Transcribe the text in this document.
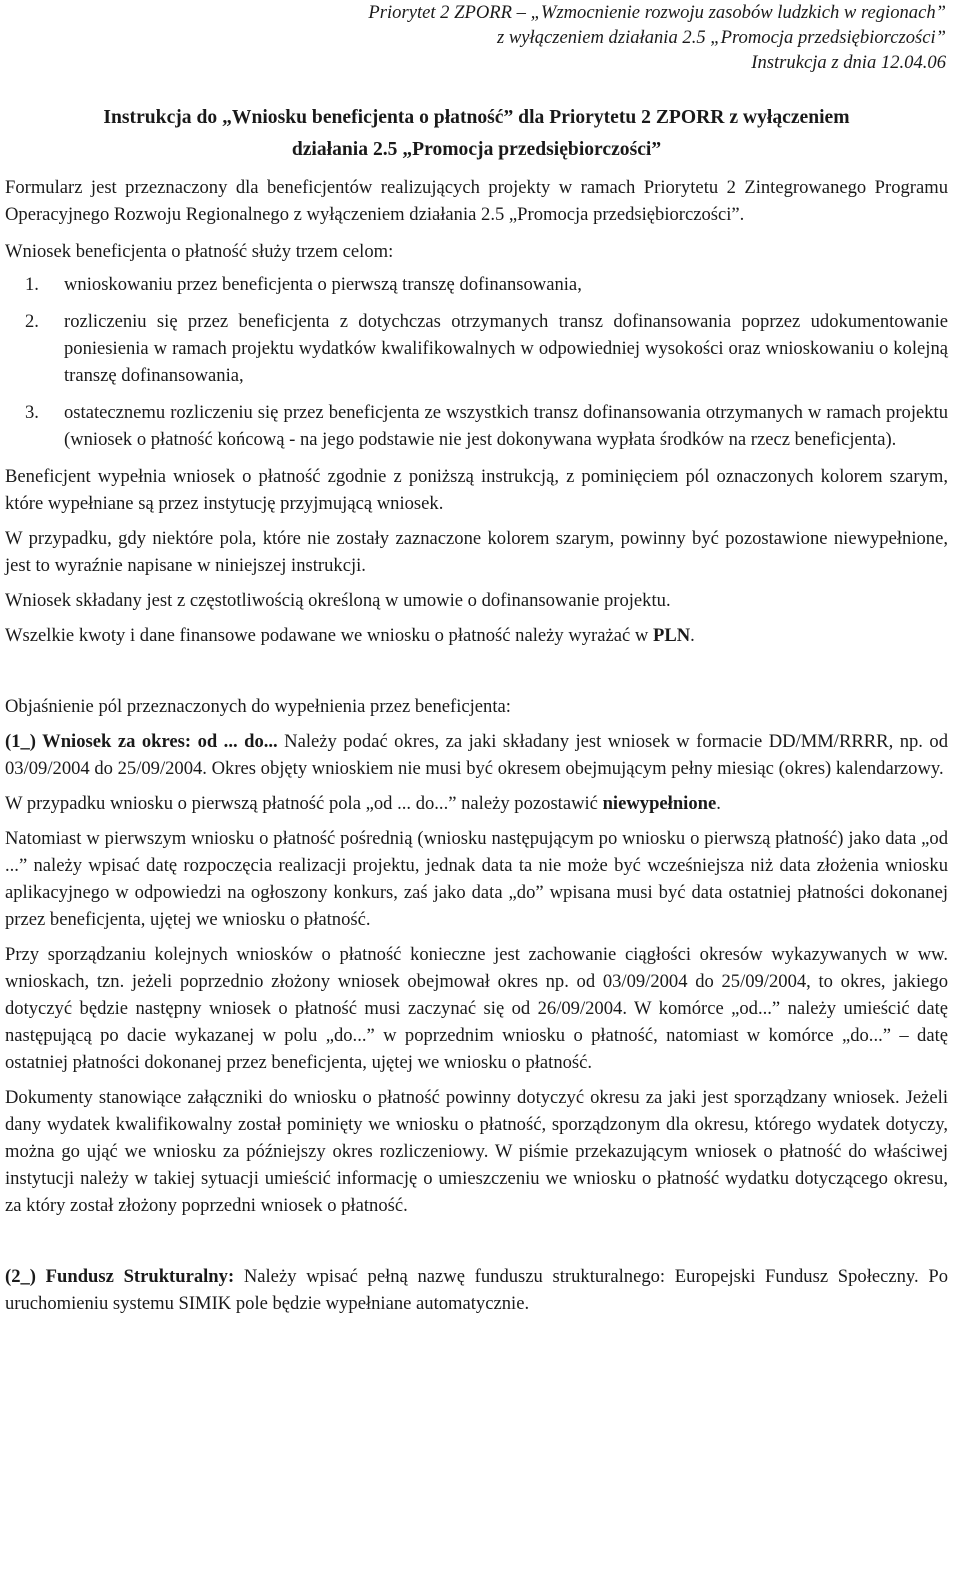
Priorytet 2 ZPORR – „Wzmocnienie rozwoju zasobów ludzkich w regionach”
z wyłączeniem działania 2.5 „Promocja przedsiębiorczości”
Instrukcja z dnia 12.04.06
Instrukcja do „Wniosku beneficjenta o płatność” dla Priorytetu 2 ZPORR z wyłączeniem
działania 2.5 „Promocja przedsiębiorczości”

Formularz jest przeznaczony dla beneficjentów realizujących projekty w ramach Priorytetu 2 Zintegrowanego Programu Operacyjnego Rozwoju Regionalnego z wyłączeniem działania 2.5 „Promocja przedsiębiorczości”.

Wniosek beneficjenta o płatność służy trzem celom:

1.	wnioskowaniu przez beneficjenta o pierwszą transzę dofinansowania,
2.	rozliczeniu się przez beneficjenta z dotychczas otrzymanych transz dofinansowania poprzez udokumentowanie poniesienia w ramach projektu wydatków kwalifikowalnych w odpowiedniej wysokości oraz wnioskowaniu o kolejną transzę dofinansowania,
3.	ostatecznemu rozliczeniu się przez beneficjenta ze wszystkich transz dofinansowania otrzymanych w ramach projektu (wniosek o płatność końcową - na jego podstawie nie jest dokonywana wypłata środków na rzecz beneficjenta).

Beneficjent wypełnia wniosek o płatność zgodnie z poniższą instrukcją, z pominięciem pól oznaczonych kolorem szarym, które wypełniane są przez instytucję przyjmującą wniosek.

W przypadku, gdy niektóre pola, które nie zostały zaznaczone kolorem szarym, powinny być pozostawione niewypełnione, jest to wyraźnie napisane w niniejszej instrukcji.

Wniosek składany jest z częstotliwością określoną w umowie o dofinansowanie projektu.

Wszelkie kwoty i dane finansowe podawane we wniosku o płatność należy wyrażać w PLN.

Objaśnienie pól przeznaczonych do wypełnienia przez beneficjenta:

(1_) Wniosek za okres: od ... do... Należy podać okres, za jaki składany jest wniosek w formacie DD/MM/RRRR, np. od 03/09/2004 do 25/09/2004. Okres objęty wnioskiem nie musi być okresem obejmującym pełny miesiąc (okres) kalendarzowy.

W przypadku wniosku o pierwszą płatność pola „od ... do...” należy pozostawić niewypełnione.

Natomiast w pierwszym wniosku o płatność pośrednią (wniosku następującym po wniosku o pierwszą płatność) jako data „od ...” należy wpisać datę rozpoczęcia realizacji projektu, jednak data ta nie może być wcześniejsza niż data złożenia wniosku aplikacyjnego w odpowiedzi na ogłoszony konkurs, zaś jako data „do” wpisana musi być data ostatniej płatności dokonanej przez beneficjenta, ujętej we wniosku o płatność.

Przy sporządzaniu kolejnych wniosków o płatność konieczne jest zachowanie ciągłości okresów wykazywanych w ww. wnioskach, tzn. jeżeli poprzednio złożony wniosek obejmował okres np. od 03/09/2004 do 25/09/2004, to okres, jakiego dotyczyć będzie następny wniosek o płatność musi zaczynać się od 26/09/2004. W komórce „od...” należy umieścić datę następującą po dacie wykazanej w polu „do...” w poprzednim wniosku o płatność, natomiast w komórce „do...” – datę ostatniej płatności dokonanej przez beneficjenta, ujętej we wniosku o płatność.

Dokumenty stanowiące załączniki do wniosku o płatność powinny dotyczyć okresu za jaki jest sporządzany wniosek. Jeżeli dany wydatek kwalifikowalny został pominięty we wniosku o płatność, sporządzonym dla okresu, którego wydatek dotyczy, można go ująć we wniosku za późniejszy okres rozliczeniowy. W piśmie przekazującym wniosek o płatność do właściwej instytucji należy w takiej sytuacji umieścić informację o umieszczeniu we wniosku o płatność wydatku dotyczącego okresu, za który został złożony poprzedni wniosek o płatność.

(2_) Fundusz Strukturalny: Należy wpisać pełną nazwę funduszu strukturalnego: Europejski Fundusz Społeczny. Po uruchomieniu systemu SIMIK pole będzie wypełniane automatycznie.
